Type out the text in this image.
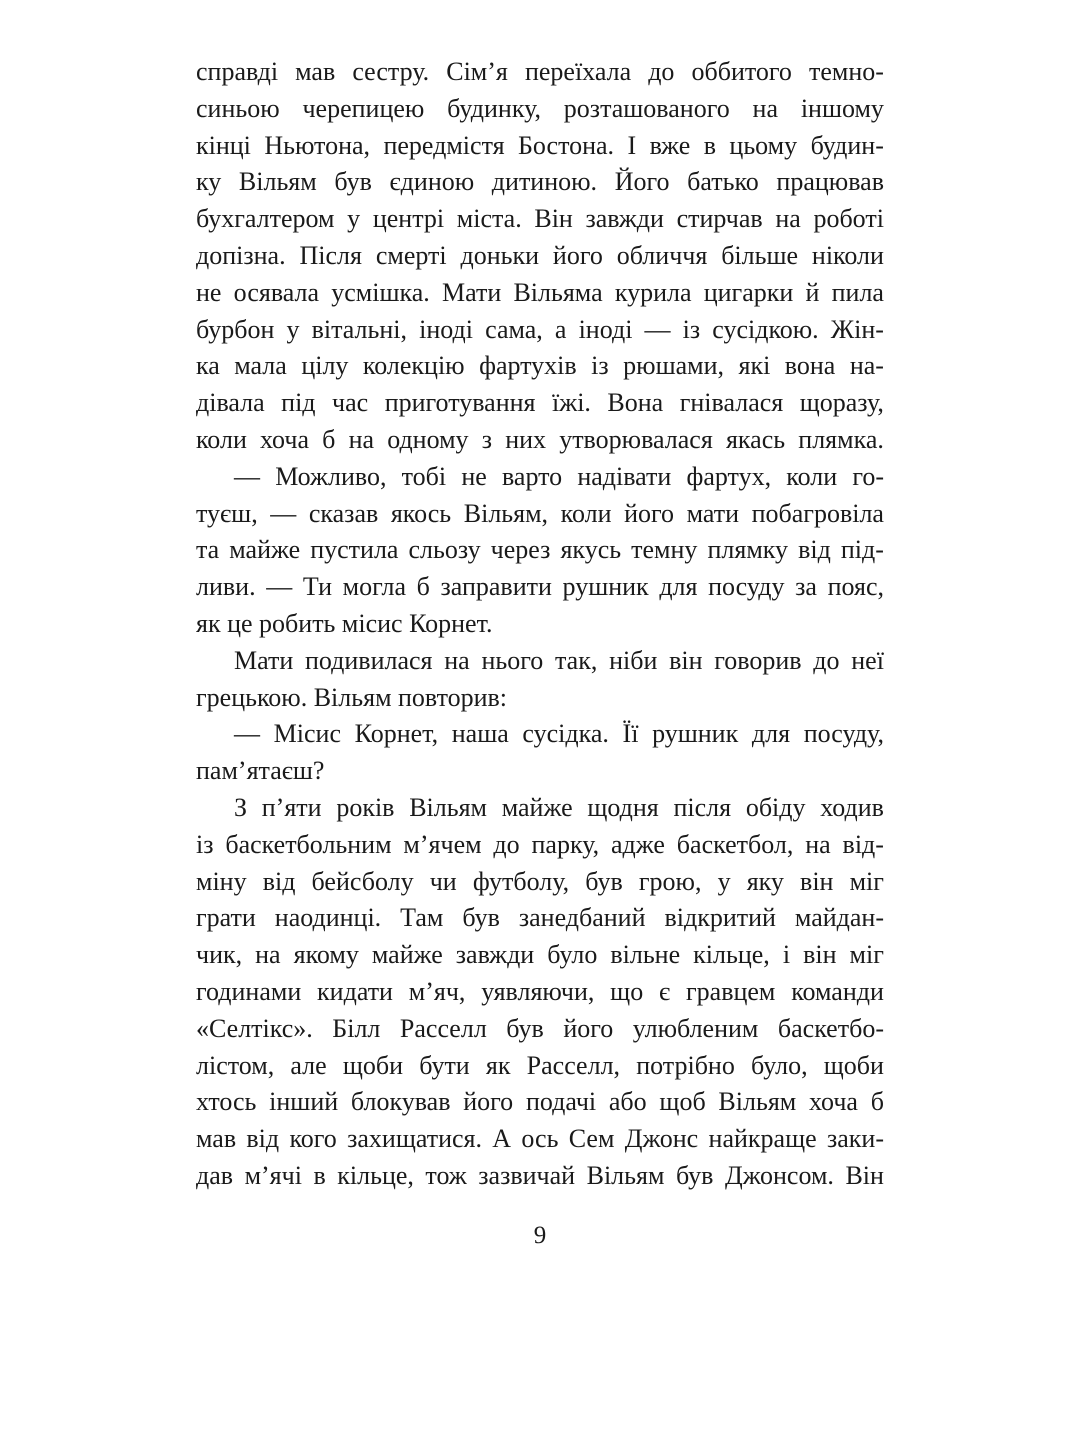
справді мав сестру. Сім’я переїхала до оббитого темно-
синьою черепицею будинку, розташованого на іншому
кінці Ньютона, передмістя Бостона. І вже в цьому будин-
ку Вільям був єдиною дитиною. Його батько працював
бухгалтером у центрі міста. Він завжди стирчав на роботі
допізна. Після смерті доньки його обличчя більше ніколи
не осявала усмішка. Мати Вільяма курила цигарки й пила
бурбон у вітальні, іноді сама, а іноді — із сусідкою. Жін-
ка мала цілу колекцію фартухів із рюшами, які вона на-
дівала під час приготування їжі. Вона гнівалася щоразу,
коли хоча б на одному з них утворювалася якась плямка.
— Можливо, тобі не варто надівати фартух, коли го-
туєш, — сказав якось Вільям, коли його мати побагровіла
та майже пустила сльозу через якусь темну плямку від під-
ливи. — Ти могла б заправити рушник для посуду за пояс,
як це робить місис Корнет.
Мати подивилася на нього так, ніби він говорив до неї
грецькою. Вільям повторив:
— Місис Корнет, наша сусідка. Її рушник для посуду,
пам’ятаєш?
З п’яти років Вільям майже щодня після обіду ходив
із баскетбольним м’ячем до парку, адже баскетбол, на від-
міну від бейсболу чи футболу, був грою, у яку він міг
грати наодинці. Там був занедбаний відкритий майдан-
чик, на якому майже завжди було вільне кільце, і він міг
годинами кидати м’яч, уявляючи, що є гравцем команди
«Селтікс». Білл Расселл був його улюбленим баскетбо-
лістом, але щоби бути як Расселл, потрібно було, щоби
хтось інший блокував його подачі або щоб Вільям хоча б
мав від кого захищатися. А ось Сем Джонс найкраще заки-
дав м’ячі в кільце, тож зазвичай Вільям був Джонсом. Він
9
